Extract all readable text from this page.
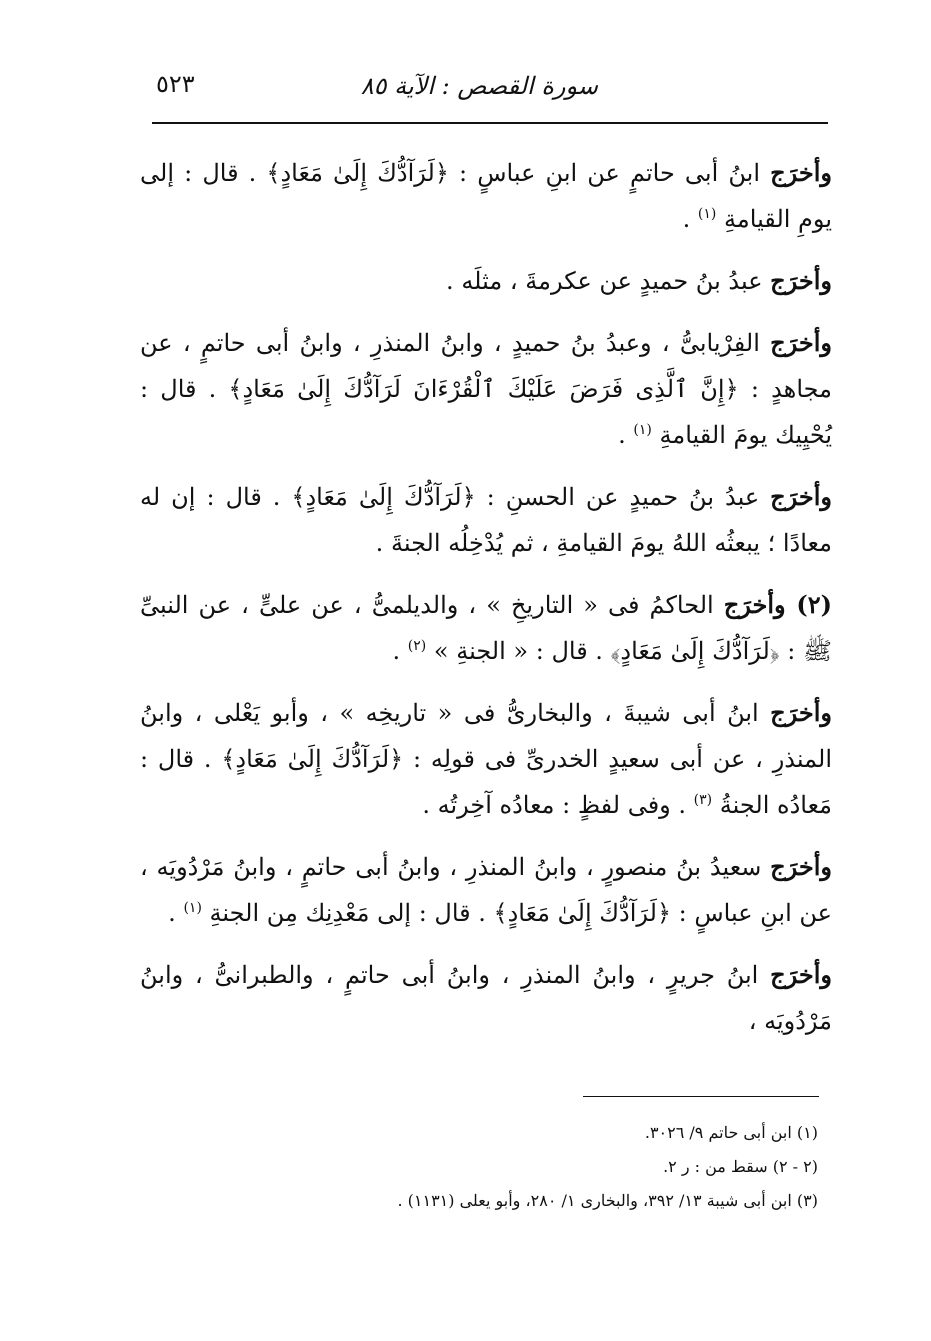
سورة القصص : الآية ٨٥
٥٢٣

وأخرَج ابنُ أبى حاتمٍ عن ابنِ عباسٍ : ﴿لَرَآدُّكَ إِلَىٰ مَعَادٍ﴾ . قال : إلى يومِ القيامةِ $^{(١)}$ .

وأخرَج عبدُ بنُ حميدٍ عن عكرمةَ ، مثلَه .

وأخرَج الفِرْيابىُّ ، وعبدُ بنُ حميدٍ ، وابنُ المنذرِ ، وابنُ أبى حاتمٍ ، عن مجاهدٍ : ﴿إِنَّ ٱلَّذِى فَرَضَ عَلَيْكَ ٱلْقُرْءَانَ لَرَآدُّكَ إِلَىٰ مَعَادٍ﴾ . قال : يُحْيِيك يومَ القيامةِ $^{(١)}$ .

وأخرَج عبدُ بنُ حميدٍ عن الحسنِ : ﴿لَرَآدُّكَ إِلَىٰ مَعَادٍ﴾ . قال : إن له معادًا ؛ يبعثُه اللهُ يومَ القيامةِ ، ثم يُدْخِلُه الجنةَ .

(٢) وأخرَج الحاكمُ فى « التاريخِ » ، والديلمىُّ ، عن علىٍّ ، عن النبىِّ ﷺ : ﴿لَرَآدُّكَ إِلَىٰ مَعَادٍ﴾ . قال : « الجنةِ » $^{(٢)}$ .

وأخرَج ابنُ أبى شيبةَ ، والبخارىُّ فى « تاريخِه » ، وأبو يَعْلى ، وابنُ المنذرِ ، عن أبى سعيدٍ الخدرىِّ فى قولِه : ﴿لَرَآدُّكَ إِلَىٰ مَعَادٍ﴾ . قال : مَعادُه الجنةُ $^{(٣)}$ . وفى لفظٍ : معادُه آخِرتُه .

وأخرَج سعيدُ بنُ منصورٍ ، وابنُ المنذرِ ، وابنُ أبى حاتمٍ ، وابنُ مَرْدُويَه ، عن ابنِ عباسٍ : ﴿لَرَآدُّكَ إِلَىٰ مَعَادٍ﴾ . قال : إلى مَعْدِنِك مِن الجنةِ $^{(١)}$ .

وأخرَج ابنُ جريرٍ ، وابنُ المنذرِ ، وابنُ أبى حاتمٍ ، والطبرانىُّ ، وابنُ مَرْدُويَه ،

(١) ابن أبى حاتم ٩/ ٣٠٢٦.

(٢ - ٢) سقط من : ر ٢.

(٣) ابن أبى شيبة ١٣/ ٣٩٢، والبخارى ١/ ٢٨٠، وأبو يعلى (١١٣١) .
